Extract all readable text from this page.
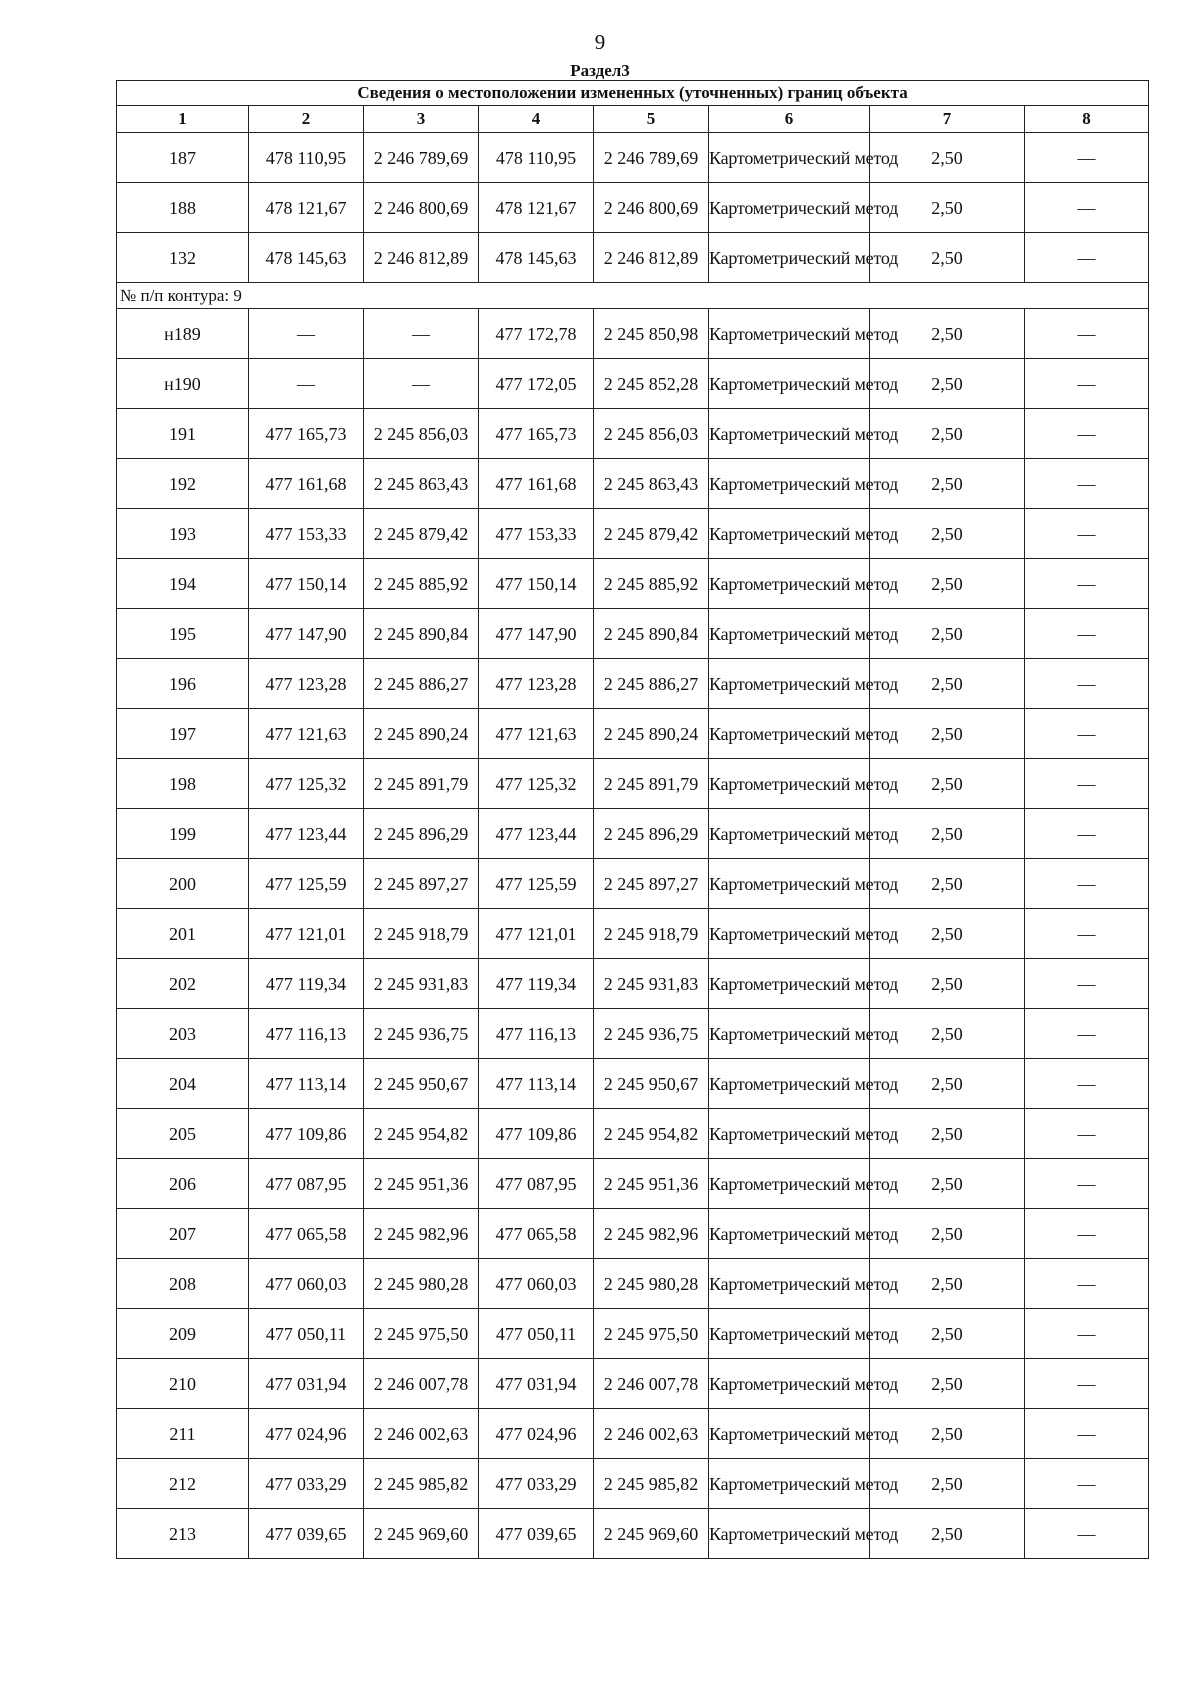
9
Раздел3
Сведения о местоположении измененных (уточненных) границ объекта							
1	2	3	4	5	6	7	8
187	478 110,95	2 246 789,69	478 110,95	2 246 789,69	Картометрический метод	2,50	—
188	478 121,67	2 246 800,69	478 121,67	2 246 800,69	Картометрический метод	2,50	—
132	478 145,63	2 246 812,89	478 145,63	2 246 812,89	Картометрический метод	2,50	—
№ п/п контура: 9							
н189	—	—	477 172,78	2 245 850,98	Картометрический метод	2,50	—
н190	—	—	477 172,05	2 245 852,28	Картометрический метод	2,50	—
191	477 165,73	2 245 856,03	477 165,73	2 245 856,03	Картометрический метод	2,50	—
192	477 161,68	2 245 863,43	477 161,68	2 245 863,43	Картометрический метод	2,50	—
193	477 153,33	2 245 879,42	477 153,33	2 245 879,42	Картометрический метод	2,50	—
194	477 150,14	2 245 885,92	477 150,14	2 245 885,92	Картометрический метод	2,50	—
195	477 147,90	2 245 890,84	477 147,90	2 245 890,84	Картометрический метод	2,50	—
196	477 123,28	2 245 886,27	477 123,28	2 245 886,27	Картометрический метод	2,50	—
197	477 121,63	2 245 890,24	477 121,63	2 245 890,24	Картометрический метод	2,50	—
198	477 125,32	2 245 891,79	477 125,32	2 245 891,79	Картометрический метод	2,50	—
199	477 123,44	2 245 896,29	477 123,44	2 245 896,29	Картометрический метод	2,50	—
200	477 125,59	2 245 897,27	477 125,59	2 245 897,27	Картометрический метод	2,50	—
201	477 121,01	2 245 918,79	477 121,01	2 245 918,79	Картометрический метод	2,50	—
202	477 119,34	2 245 931,83	477 119,34	2 245 931,83	Картометрический метод	2,50	—
203	477 116,13	2 245 936,75	477 116,13	2 245 936,75	Картометрический метод	2,50	—
204	477 113,14	2 245 950,67	477 113,14	2 245 950,67	Картометрический метод	2,50	—
205	477 109,86	2 245 954,82	477 109,86	2 245 954,82	Картометрический метод	2,50	—
206	477 087,95	2 245 951,36	477 087,95	2 245 951,36	Картометрический метод	2,50	—
207	477 065,58	2 245 982,96	477 065,58	2 245 982,96	Картометрический метод	2,50	—
208	477 060,03	2 245 980,28	477 060,03	2 245 980,28	Картометрический метод	2,50	—
209	477 050,11	2 245 975,50	477 050,11	2 245 975,50	Картометрический метод	2,50	—
210	477 031,94	2 246 007,78	477 031,94	2 246 007,78	Картометрический метод	2,50	—
211	477 024,96	2 246 002,63	477 024,96	2 246 002,63	Картометрический метод	2,50	—
212	477 033,29	2 245 985,82	477 033,29	2 245 985,82	Картометрический метод	2,50	—
213	477 039,65	2 245 969,60	477 039,65	2 245 969,60	Картометрический метод	2,50	—
